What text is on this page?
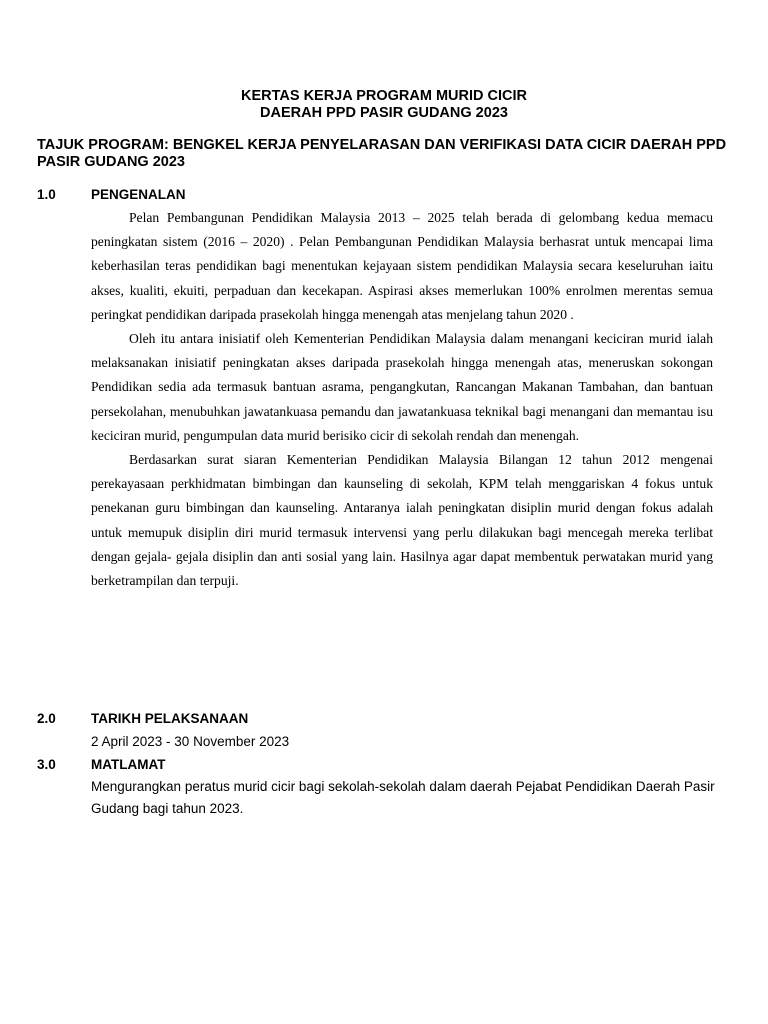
KERTAS KERJA PROGRAM MURID CICIR
DAERAH PPD PASIR GUDANG 2023
TAJUK PROGRAM: BENGKEL KERJA PENYELARASAN DAN VERIFIKASI DATA CICIR DAERAH PPD PASIR GUDANG 2023
1.0	PENGENALAN

Pelan Pembangunan Pendidikan Malaysia 2013 – 2025 telah berada di gelombang kedua memacu peningkatan sistem (2016 – 2020) . Pelan Pembangunan Pendidikan Malaysia berhasrat untuk mencapai lima keberhasilan teras pendidikan bagi menentukan kejayaan sistem pendidikan Malaysia secara keseluruhan iaitu akses, kualiti, ekuiti, perpaduan dan kecekapan. Aspirasi akses memerlukan 100% enrolmen merentas semua peringkat pendidikan daripada prasekolah hingga menengah atas menjelang tahun 2020 .

Oleh itu antara inisiatif oleh Kementerian Pendidikan Malaysia dalam menangani keciciran murid ialah melaksanakan inisiatif peningkatan akses daripada prasekolah hingga menengah atas, meneruskan sokongan Pendidikan sedia ada termasuk bantuan asrama, pengangkutan, Rancangan Makanan Tambahan, dan bantuan persekolahan, menubuhkan jawatankuasa pemandu dan jawatankuasa teknikal bagi menangani dan memantau isu keciciran murid, pengumpulan data murid berisiko cicir di sekolah rendah dan menengah.

Berdasarkan surat siaran Kementerian Pendidikan Malaysia Bilangan 12 tahun 2012 mengenai perekayasaan perkhidmatan bimbingan dan kaunseling di sekolah, KPM telah menggariskan 4 fokus untuk penekanan guru bimbingan dan kaunseling. Antaranya ialah peningkatan disiplin murid dengan fokus adalah untuk memupuk disiplin diri murid termasuk intervensi yang perlu dilakukan bagi mencegah mereka terlibat dengan gejala- gejala disiplin dan anti sosial yang lain. Hasilnya agar dapat membentuk perwatakan murid yang berketrampilan dan terpuji.

2.0	TARIKH PELAKSANAAN
2 April 2023 - 30 November 2023
3.0	MATLAMAT
Mengurangkan peratus murid cicir bagi sekolah-sekolah dalam daerah Pejabat Pendidikan Daerah Pasir Gudang bagi tahun 2023.
